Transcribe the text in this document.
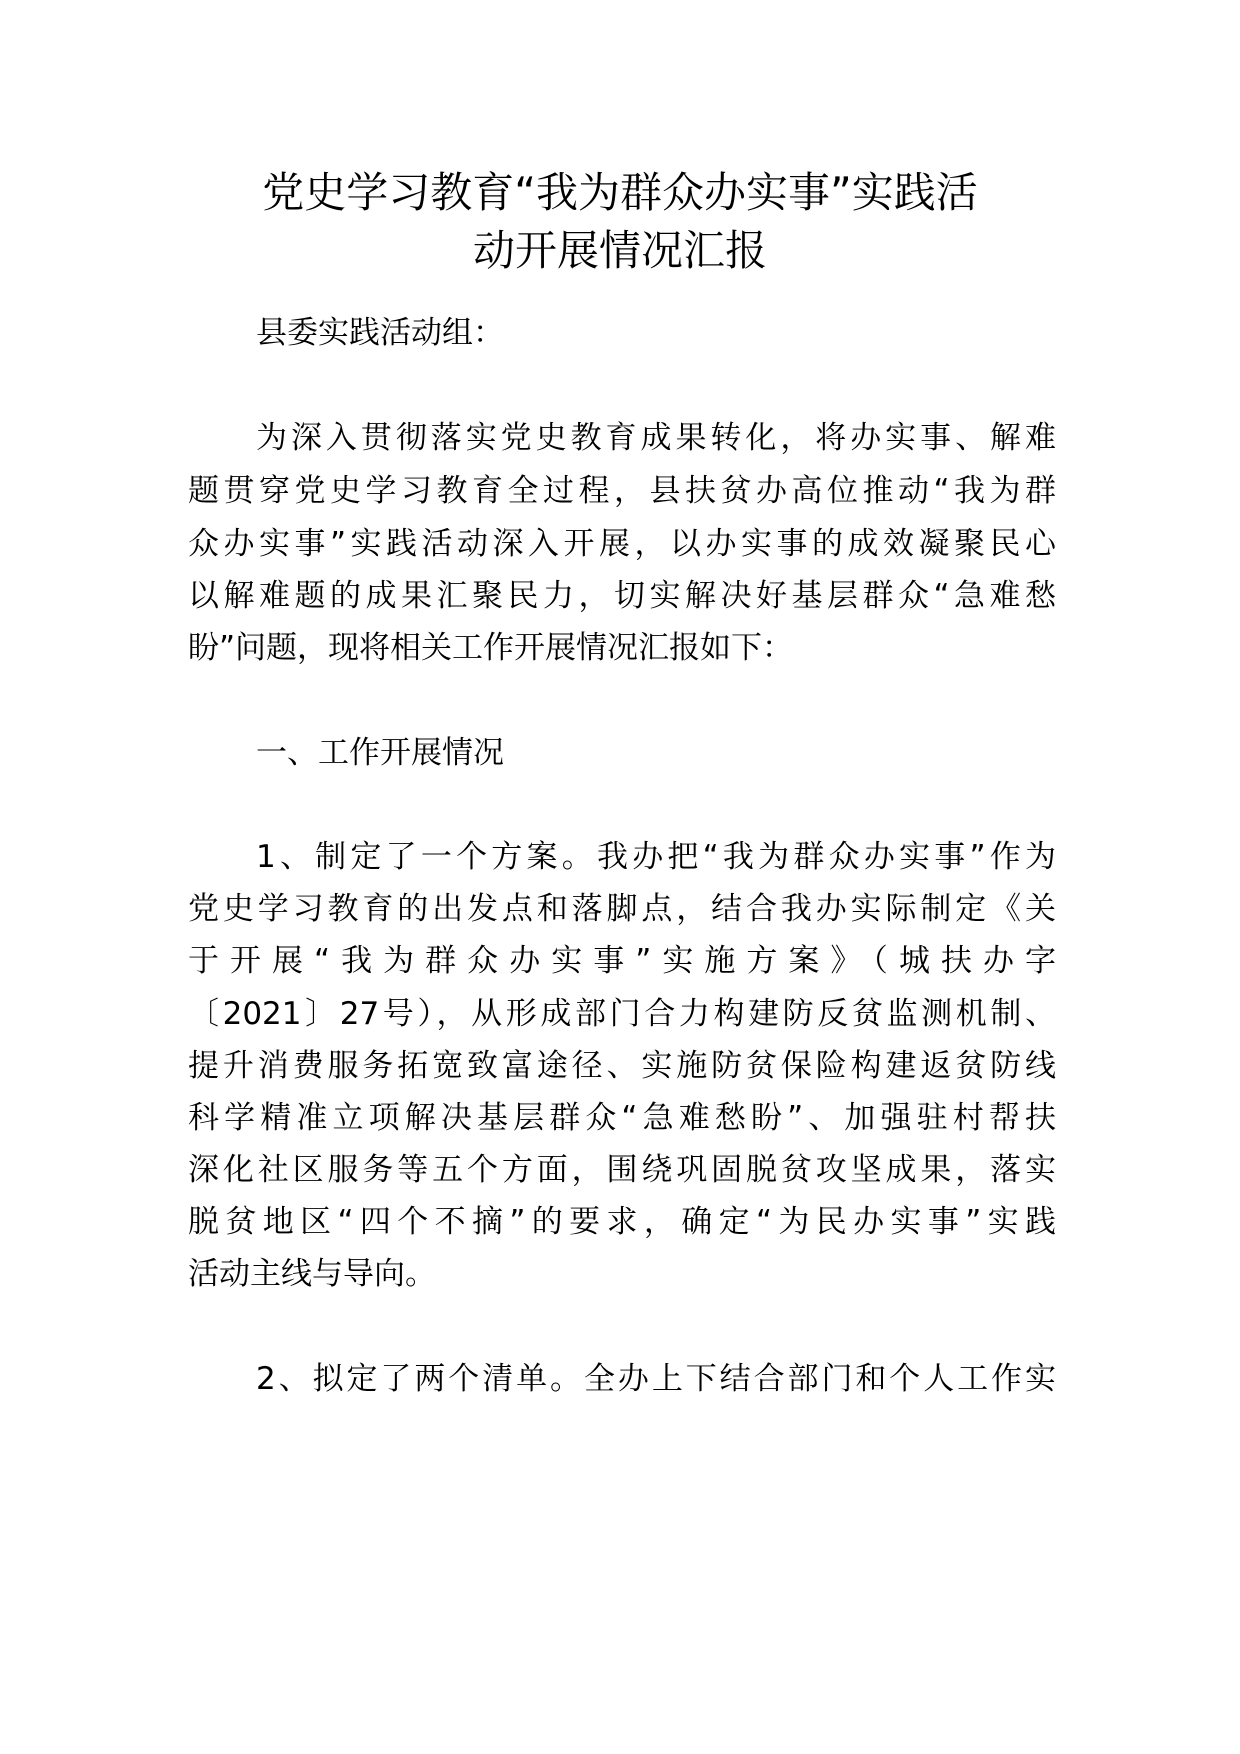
党史学习教育“我为群众办实事”实践活
动开展情况汇报

县委实践活动组：

为深入贯彻落实党史教育成果转化，将办实事、解难

题贯穿党史学习教育全过程，县扶贫办高位推动“我为群

众办实事”实践活动深入开展，以办实事的成效凝聚民心

以解难题的成果汇聚民力，切实解决好基层群众“急难愁

盼”问题，现将相关工作开展情况汇报如下：

一、工作开展情况

1、制定了一个方案。我办把“我为群众办实事”作为

党史学习教育的出发点和落脚点，结合我办实际制定《关

于开展“我为群众办实事”实施方案》（城扶办字

〔2021〕27号），从形成部门合力构建防反贫监测机制、

提升消费服务拓宽致富途径、实施防贫保险构建返贫防线

科学精准立项解决基层群众“急难愁盼”、加强驻村帮扶

深化社区服务等五个方面，围绕巩固脱贫攻坚成果，落实

脱贫地区“四个不摘”的要求，确定“为民办实事”实践

活动主线与导向。

2、拟定了两个清单。全办上下结合部门和个人工作实
